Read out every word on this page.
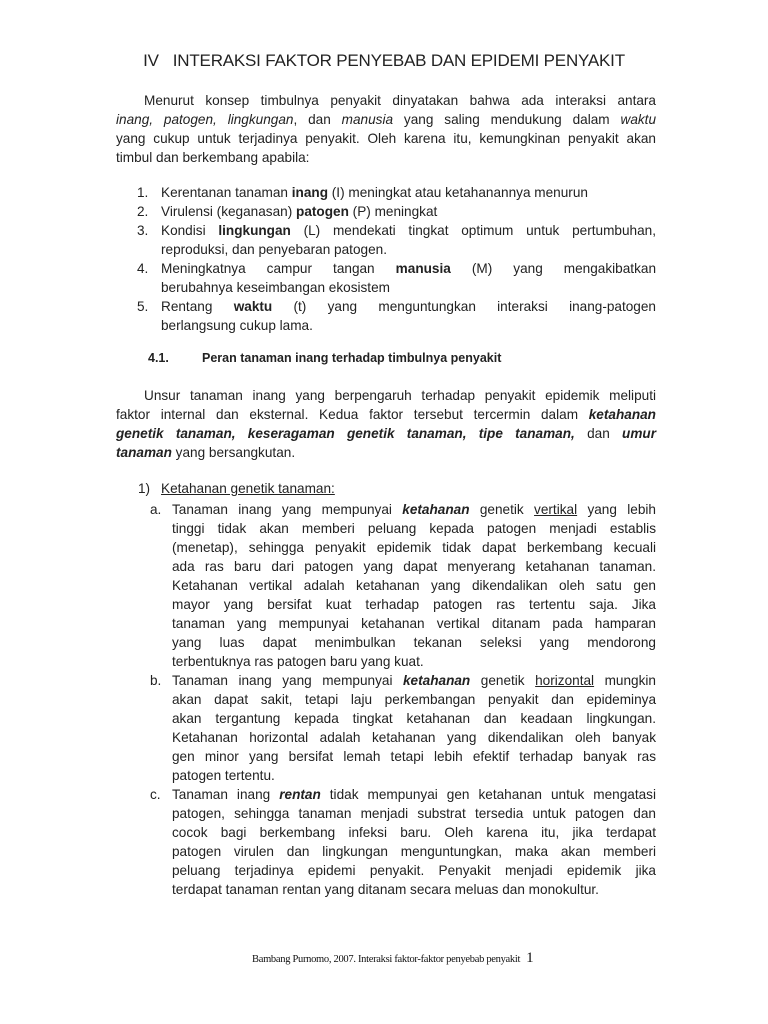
IV INTERAKSI FAKTOR PENYEBAB DAN EPIDEMI PENYAKIT
Menurut konsep timbulnya penyakit dinyatakan bahwa ada interaksi antara
inang, patogen, lingkungan, dan manusia yang saling mendukung dalam waktu
yang cukup untuk terjadinya penyakit. Oleh karena itu, kemungkinan penyakit akan
timbul dan berkembang apabila:
1. Kerentanan tanaman inang (I) meningkat atau ketahanannya menurun
2. Virulensi (keganasan) patogen (P) meningkat
3. Kondisi lingkungan (L) mendekati tingkat optimum untuk pertumbuhan,
reproduksi, dan penyebaran patogen.
4. Meningkatnya campur tangan manusia (M) yang mengakibatkan
berubahnya keseimbangan ekosistem
5. Rentang waktu (t) yang menguntungkan interaksi inang-patogen
berlangsung cukup lama.
4.1.	Peran tanaman inang terhadap timbulnya penyakit
Unsur tanaman inang yang berpengaruh terhadap penyakit epidemik meliputi
faktor internal dan eksternal. Kedua faktor tersebut tercermin dalam ketahanan
genetik tanaman, keseragaman genetik tanaman, tipe tanaman, dan umur
tanaman yang bersangkutan.
1) Ketahanan genetik tanaman:
a. Tanaman inang yang mempunyai ketahanan genetik vertikal yang lebih
tinggi tidak akan memberi peluang kepada patogen menjadi establis
(menetap), sehingga penyakit epidemik tidak dapat berkembang kecuali
ada ras baru dari patogen yang dapat menyerang ketahanan tanaman.
Ketahanan vertikal adalah ketahanan yang dikendalikan oleh satu gen
mayor yang bersifat kuat terhadap patogen ras tertentu saja. Jika
tanaman yang mempunyai ketahanan vertikal ditanam pada hamparan
yang luas dapat menimbulkan tekanan seleksi yang mendorong
terbentuknya ras patogen baru yang kuat.
b. Tanaman inang yang mempunyai ketahanan genetik horizontal mungkin
akan dapat sakit, tetapi laju perkembangan penyakit dan epideminya
akan tergantung kepada tingkat ketahanan dan keadaan lingkungan.
Ketahanan horizontal adalah ketahanan yang dikendalikan oleh banyak
gen minor yang bersifat lemah tetapi lebih efektif terhadap banyak ras
patogen tertentu.
c. Tanaman inang rentan tidak mempunyai gen ketahanan untuk mengatasi
patogen, sehingga tanaman menjadi substrat tersedia untuk patogen dan
cocok bagi berkembang infeksi baru. Oleh karena itu, jika terdapat
patogen virulen dan lingkungan menguntungkan, maka akan memberi
peluang terjadinya epidemi penyakit. Penyakit menjadi epidemik jika
terdapat tanaman rentan yang ditanam secara meluas dan monokultur.
Bambang Purnomo, 2007. Interaksi faktor-faktor penyebab penyakit 1
